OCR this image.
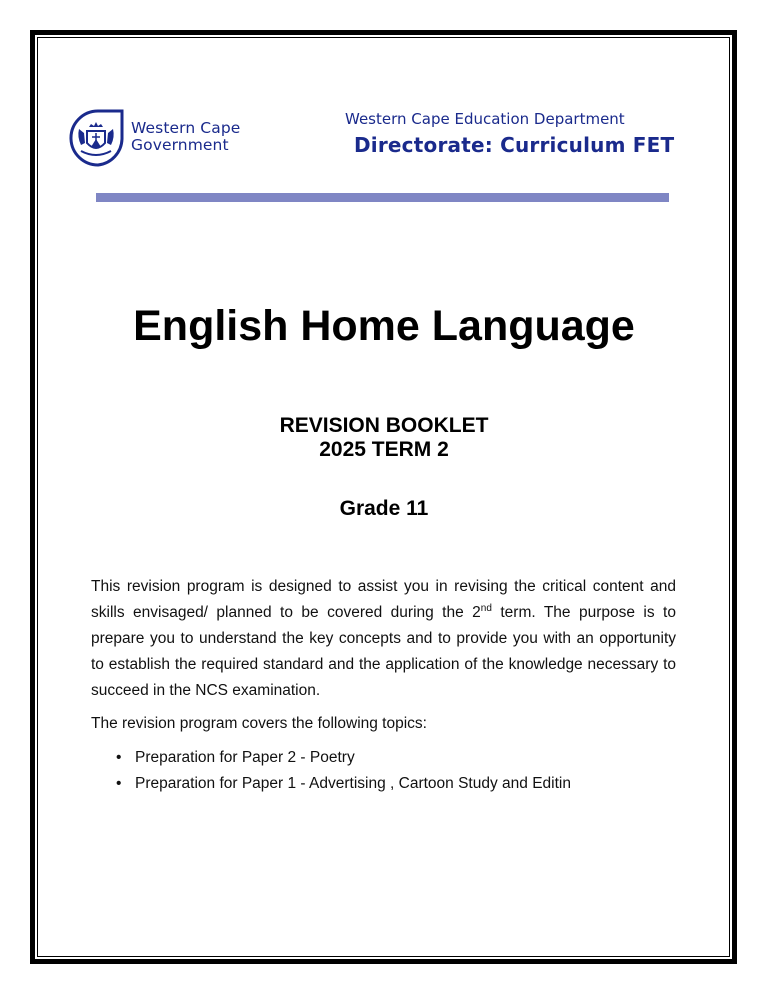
Western Cape
Government
Western Cape Education Department
Directorate: Curriculum FET
English Home Language
REVISION BOOKLET
2025 TERM 2
Grade 11

This revision program is designed to assist you in revising the critical content and skills envisaged/ planned to be covered during the 2nd term. The purpose is to prepare you to understand the key concepts and to provide you with an opportunity to establish the required standard and the application of the knowledge necessary to succeed in the NCS examination.

The revision program covers the following topics:

• Preparation for Paper 2 - Poetry
• Preparation for Paper 1 - Advertising , Cartoon Study and Editin
